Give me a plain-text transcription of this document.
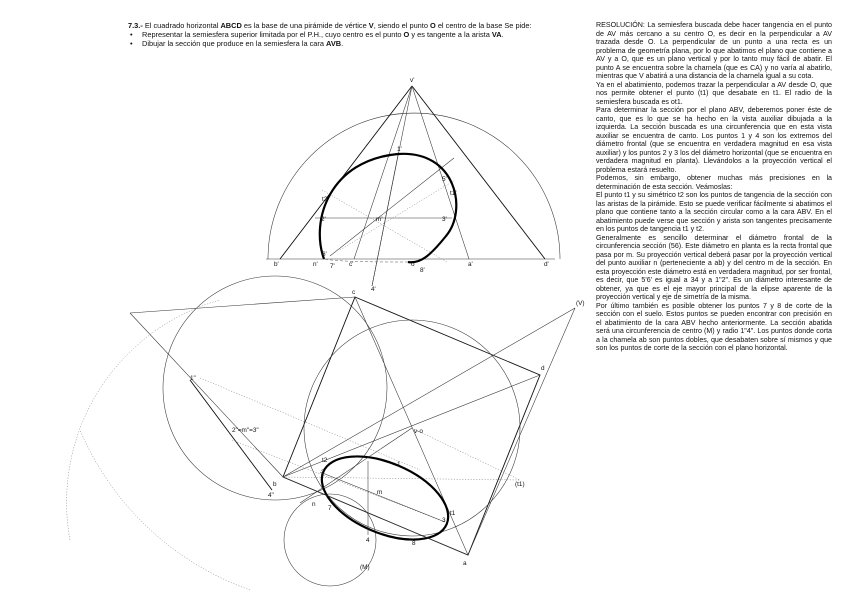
7.3.- El cuadrado horizontal ABCD es la base de una pirámide de vértice V, siendo el punto O el centro de la base Se pide:
• Representar la semiesfera superior limitada por el P.H., cuyo centro es el punto O y es tangente a la arista VA.
• Dibujar la sección que produce en la semiesfera la cara AVB.

RESOLUCIÓN: La semiesfera buscada debe hacer tangencia en el punto de AV más cercano a su centro O, es decir en la perpendicular a AV trazada desde O. La perpendicular de un punto a una recta es un problema de geometría plana, por lo que abatimos el plano que contiene a AV y a O, que es un plano vertical y por lo tanto muy fácil de abatir. El punto A se encuentra sobre la charnela (que es CA) y no varía al abatirlo, mientras que V abatirá a una distancia de la charnela igual a su cota.

Ya en el abatimiento, podemos trazar la perpendicular a AV desde O, que nos permite obtener el punto (t1) que desabate en t1. El radio de la semiesfera buscada es ot1.

Para determinar la sección por el plano ABV, deberemos poner éste de canto, que es lo que se ha hecho en la vista auxiliar dibujada a la izquierda. La sección buscada es una circunferencia que en esta vista auxiliar se encuentra de canto. Los puntos 1 y 4 son los extremos del diámetro frontal (que se encuentra en verdadera magnitud en esa vista auxiliar) y los puntos 2 y 3 los del diámetro horizontal (que se encuentra en verdadera magnitud en planta). Llevándolos a la proyección vertical el problema estará resuelto.

Podemos, sin embargo, obtener muchas más precisiones en la determinación de esta sección. Veámoslas:

El punto t1 y su simétrico t2 son los puntos de tangencia de la sección con las aristas de la pirámide. Esto se puede verificar fácilmente si abatimos el plano que contiene tanto a la sección circular como a la cara ABV. En el abatimiento puede verse que sección y arista son tangentes precisamente en los puntos de tangencia t1 y t2.

Generalmente es sencillo determinar el diámetro frontal de la circunferencia sección (56). Este diámetro en planta es la recta frontal que pasa por m. Su proyección vertical deberá pasar por la proyección vertical del punto auxiliar n (perteneciente a ab) y del centro m de la sección. En esta proyección este diámetro está en verdadera magnitud, por ser frontal, es decir, que 5'6' es igual a 34 y a 1"2". Es un diámetro interesante de obtener, ya que es el eje mayor principal de la elipse aparente de la proyección vertical y eje de simetría de la misma.

Por último también es posible obtener los puntos 7 y 8 de corte de la sección con el suelo. Estos puntos se pueden encontrar con precisión en el abatimiento de la cara ABV hecho anteriormente. La sección abatida será una circunferencia de centro (M) y radio 1"4". Los puntos donde corta a la chamela ab son puntos dobles, que desabaten sobre sí mismos y que son los puntos de corte de la sección con el plano horizontal.

v'
1'
5'
t1'
t2'
2'	m'	3'
6'
7'
n'	c'	o'
8'
a'
b'	d'
4'
c
d
(V)
v-o
1"
2"=m"=3"
4"
b
n
t2
2
1
m
(t1)
t1
3
7
8
4
(M)
a
